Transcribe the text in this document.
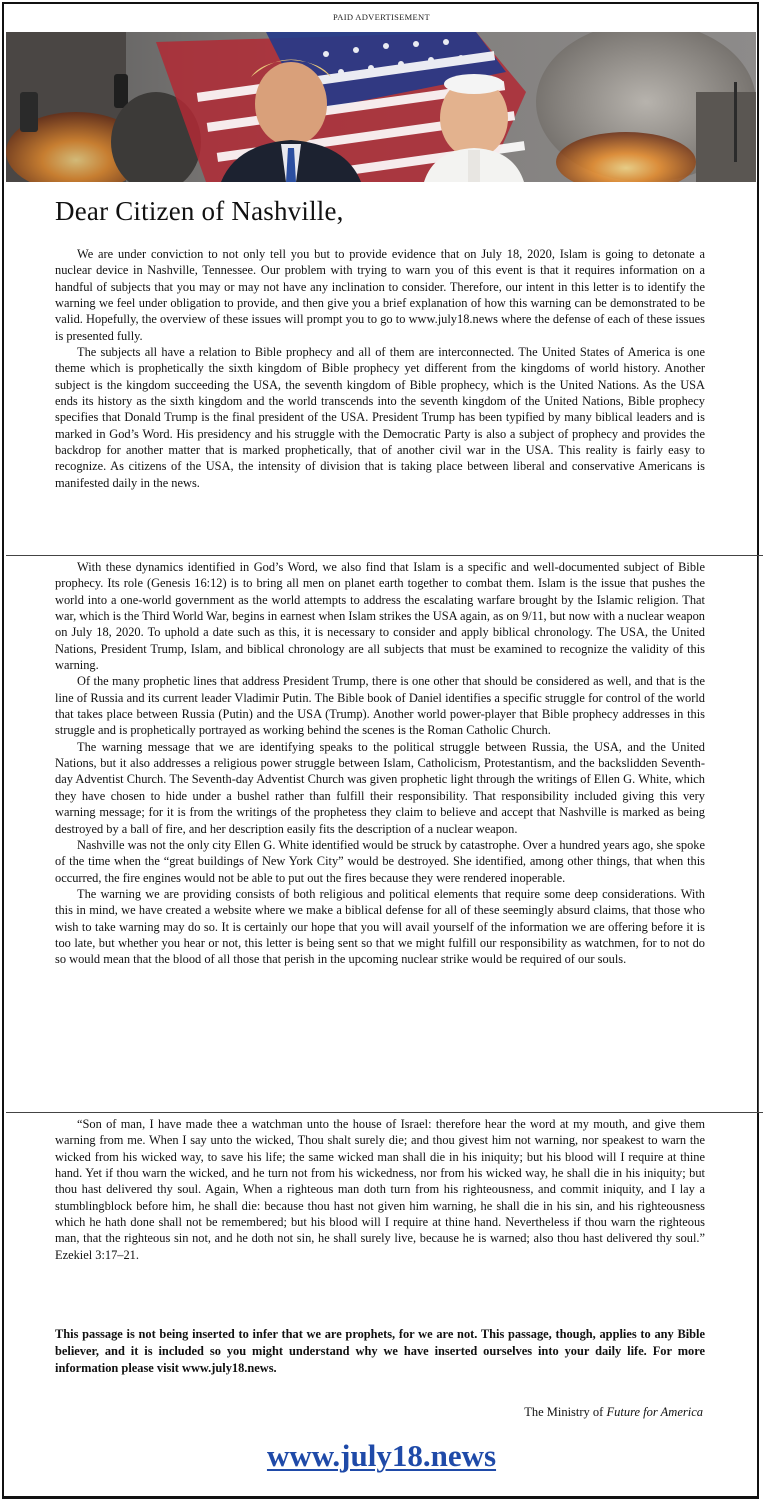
PAID ADVERTISEMENT
Dear Citizen of Nashville,

We are under conviction to not only tell you but to provide evidence that on July 18, 2020, Islam is going to detonate a nuclear device in Nashville, Tennessee. Our problem with trying to warn you of this event is that it requires information on a handful of subjects that you may or may not have any inclination to consider. Therefore, our intent in this letter is to identify the warning we feel under obligation to provide, and then give you a brief explanation of how this warning can be demonstrated to be valid. Hopefully, the overview of these issues will prompt you to go to www.july18.news where the defense of each of these issues is presented fully.

The subjects all have a relation to Bible prophecy and all of them are interconnected. The United States of America is one theme which is prophetically the sixth kingdom of Bible prophecy yet different from the kingdoms of world history. Another subject is the kingdom succeeding the USA, the seventh kingdom of Bible prophecy, which is the United Nations. As the USA ends its history as the sixth kingdom and the world transcends into the seventh kingdom of the United Nations, Bible prophecy specifies that Donald Trump is the final president of the USA. President Trump has been typified by many biblical leaders and is marked in God’s Word. His presidency and his struggle with the Democratic Party is also a subject of prophecy and provides the backdrop for another matter that is marked prophetically, that of another civil war in the USA. This reality is fairly easy to recognize. As citizens of the USA, the intensity of division that is taking place between liberal and conservative Americans is manifested daily in the news.

With these dynamics identified in God’s Word, we also find that Islam is a specific and well-documented subject of Bible prophecy. Its role (Genesis 16:12) is to bring all men on planet earth together to combat them. Islam is the issue that pushes the world into a one-world government as the world attempts to address the escalating warfare brought by the Islamic religion. That war, which is the Third World War, begins in earnest when Islam strikes the USA again, as on 9/11, but now with a nuclear weapon on July 18, 2020. To uphold a date such as this, it is necessary to consider and apply biblical chronology. The USA, the United Nations, President Trump, Islam, and biblical chronology are all subjects that must be examined to recognize the validity of this warning.

Of the many prophetic lines that address President Trump, there is one other that should be considered as well, and that is the line of Russia and its current leader Vladimir Putin. The Bible book of Daniel identifies a specific struggle for control of the world that takes place between Russia (Putin) and the USA (Trump). Another world power-player that Bible prophecy addresses in this struggle and is prophetically portrayed as working behind the scenes is the Roman Catholic Church.

The warning message that we are identifying speaks to the political struggle between Russia, the USA, and the United Nations, but it also addresses a religious power struggle between Islam, Catholicism, Protestantism, and the backslidden Seventh-day Adventist Church. The Seventh-day Adventist Church was given prophetic light through the writings of Ellen G. White, which they have chosen to hide under a bushel rather than fulfill their responsibility. That responsibility included giving this very warning message; for it is from the writings of the prophetess they claim to believe and accept that Nashville is marked as being destroyed by a ball of fire, and her description easily fits the description of a nuclear weapon.

Nashville was not the only city Ellen G. White identified would be struck by catastrophe. Over a hundred years ago, she spoke of the time when the “great buildings of New York City” would be destroyed. She identified, among other things, that when this occurred, the fire engines would not be able to put out the fires because they were rendered inoperable.

The warning we are providing consists of both religious and political elements that require some deep considerations. With this in mind, we have created a website where we make a biblical defense for all of these seemingly absurd claims, that those who wish to take warning may do so. It is certainly our hope that you will avail yourself of the information we are offering before it is too late, but whether you hear or not, this letter is being sent so that we might fulfill our responsibility as watchmen, for to not do so would mean that the blood of all those that perish in the upcoming nuclear strike would be required of our souls.

“Son of man, I have made thee a watchman unto the house of Israel: therefore hear the word at my mouth, and give them warning from me. When I say unto the wicked, Thou shalt surely die; and thou givest him not warning, nor speakest to warn the wicked from his wicked way, to save his life; the same wicked man shall die in his iniquity; but his blood will I require at thine hand. Yet if thou warn the wicked, and he turn not from his wickedness, nor from his wicked way, he shall die in his iniquity; but thou hast delivered thy soul. Again, When a righteous man doth turn from his righteousness, and commit iniquity, and I lay a stumblingblock before him, he shall die: because thou hast not given him warning, he shall die in his sin, and his righteousness which he hath done shall not be remembered; but his blood will I require at thine hand. Nevertheless if thou warn the righteous man, that the righteous sin not, and he doth not sin, he shall surely live, because he is warned; also thou hast delivered thy soul.” Ezekiel 3:17–21.

This passage is not being inserted to infer that we are prophets, for we are not. This passage, though, applies to any Bible believer, and it is included so you might understand why we have inserted ourselves into your daily life. For more information please visit www.july18.news.
The Ministry of Future for America
www.july18.news
